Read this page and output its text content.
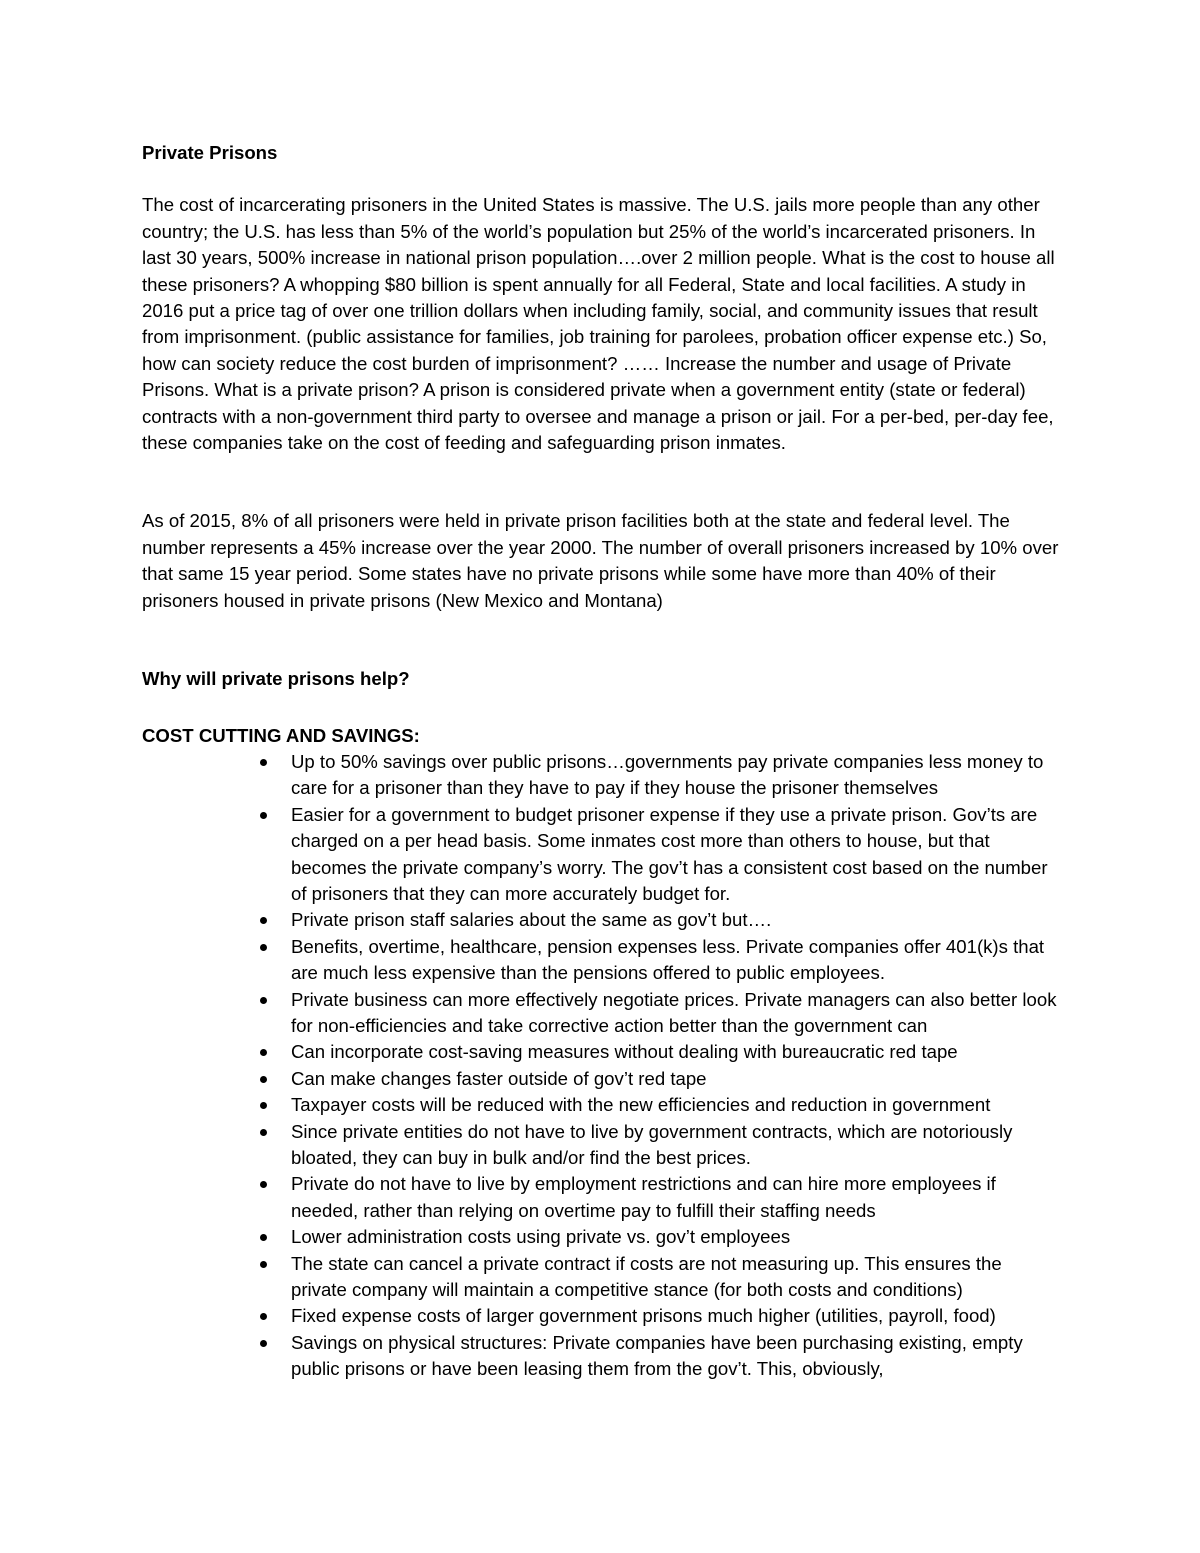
Private Prisons

The cost of incarcerating prisoners in the United States is massive. The U.S. jails more people than any other country; the U.S. has less than 5% of the world’s population but 25% of the world’s incarcerated prisoners. In last 30 years, 500% increase in national prison population….over 2 million people. What is the cost to house all these prisoners? A whopping $80 billion is spent annually for all Federal, State and local facilities. A study in 2016 put a price tag of over one trillion dollars when including family, social, and community issues that result from imprisonment. (public assistance for families, job training for parolees, probation officer expense etc.) So, how can society reduce the cost burden of imprisonment? …… Increase the number and usage of Private Prisons. What is a private prison? A prison is considered private when a government entity (state or federal) contracts with a non-government third party to oversee and manage a prison or jail. For a per-bed, per-day fee, these companies take on the cost of feeding and safeguarding prison inmates.

As of 2015, 8% of all prisoners were held in private prison facilities both at the state and federal level. The number represents a 45% increase over the year 2000. The number of overall prisoners increased by 10% over that same 15 year period. Some states have no private prisons while some have more than 40% of their prisoners housed in private prisons (New Mexico and Montana)

Why will private prisons help?

COST CUTTING AND SAVINGS:

Up to 50% savings over public prisons…governments pay private companies less money to care for a prisoner than they have to pay if they house the prisoner themselves
Easier for a government to budget prisoner expense if they use a private prison. Gov’ts are charged on a per head basis. Some inmates cost more than others to house, but that becomes the private company’s worry. The gov’t has a consistent cost based on the number of prisoners that they can more accurately budget for.
Private prison staff salaries about the same as gov’t but….
Benefits, overtime, healthcare, pension expenses less. Private companies offer 401(k)s that are much less expensive than the pensions offered to public employees.
Private business can more effectively negotiate prices. Private managers can also better look for non-efficiencies and take corrective action better than the government can
Can incorporate cost-saving measures without dealing with bureaucratic red tape
Can make changes faster outside of gov’t red tape
Taxpayer costs will be reduced with the new efficiencies and reduction in government
Since private entities do not have to live by government contracts, which are notoriously bloated, they can buy in bulk and/or find the best prices.
Private do not have to live by employment restrictions and can hire more employees if needed, rather than relying on overtime pay to fulfill their staffing needs
Lower administration costs using private vs. gov’t employees
The state can cancel a private contract if costs are not measuring up. This ensures the private company will maintain a competitive stance (for both costs and conditions)
Fixed expense costs of larger government prisons much higher (utilities, payroll, food)
Savings on physical structures: Private companies have been purchasing existing, empty public prisons or have been leasing them from the gov’t. This, obviously,
